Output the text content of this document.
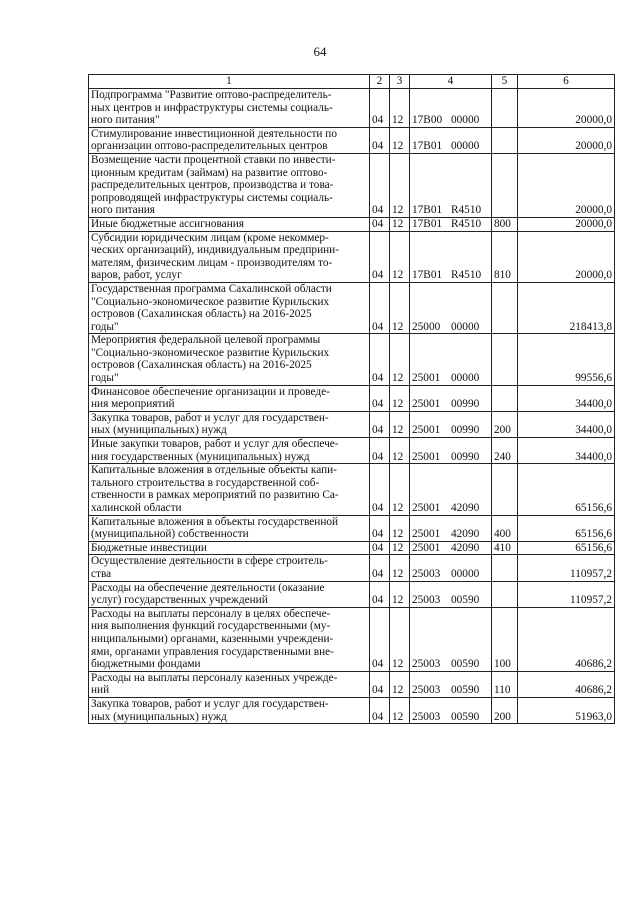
64
1	2	3	4	5	6
Подпрограмма "Развитие оптово-распределитель-
ных центров и инфраструктуры системы социаль-
ного питания"	04	12	17В00 00000		20000,0
Стимулирование инвестиционной деятельности по
организации оптово-распределительных центров	04	12	17В01 00000		20000,0
Возмещение части процентной ставки по инвести-
ционным кредитам (займам) на развитие оптово-
распределительных центров, производства и това-
ропроводящей инфраструктуры системы социаль-
ного питания	04	12	17В01 R4510		20000,0
Иные бюджетные ассигнования	04	12	17В01 R4510	800	20000,0
Субсидии юридическим лицам (кроме некоммер-
ческих организаций), индивидуальным предприни-
мателям, физическим лицам - производителям то-
варов, работ, услуг	04	12	17В01 R4510	810	20000,0
Государственная программа Сахалинской области
"Социально-экономическое развитие Курильских
островов (Сахалинская область) на 2016-2025
годы"	04	12	25000 00000		218413,8
Мероприятия федеральной целевой программы
"Социально-экономическое развитие Курильских
островов (Сахалинская область) на 2016-2025
годы"	04	12	25001 00000		99556,6
Финансовое обеспечение организации и проведе-
ния мероприятий	04	12	25001 00990		34400,0
Закупка товаров, работ и услуг для государствен-
ных (муниципальных) нужд	04	12	25001 00990	200	34400,0
Иные закупки товаров, работ и услуг для обеспече-
ния государственных (муниципальных) нужд	04	12	25001 00990	240	34400,0
Капитальные вложения в отдельные объекты капи-
тального строительства в государственной соб-
ственности в рамках мероприятий по развитию Са-
халинской области	04	12	25001 42090		65156,6
Капитальные вложения в объекты государственной
(муниципальной) собственности	04	12	25001 42090	400	65156,6
Бюджетные инвестиции	04	12	25001 42090	410	65156,6
Осуществление деятельности в сфере строитель-
ства	04	12	25003 00000		110957,2
Расходы на обеспечение деятельности (оказание
услуг) государственных учреждений	04	12	25003 00590		110957,2
Расходы на выплаты персоналу в целях обеспече-
ния выполнения функций государственными (му-
ниципальными) органами, казенными учреждени-
ями, органами управления государственными вне-
бюджетными фондами	04	12	25003 00590	100	40686,2
Расходы на выплаты персоналу казенных учрежде-
ний	04	12	25003 00590	110	40686,2
Закупка товаров, работ и услуг для государствен-
ных (муниципальных) нужд	04	12	25003 00590	200	51963,0
